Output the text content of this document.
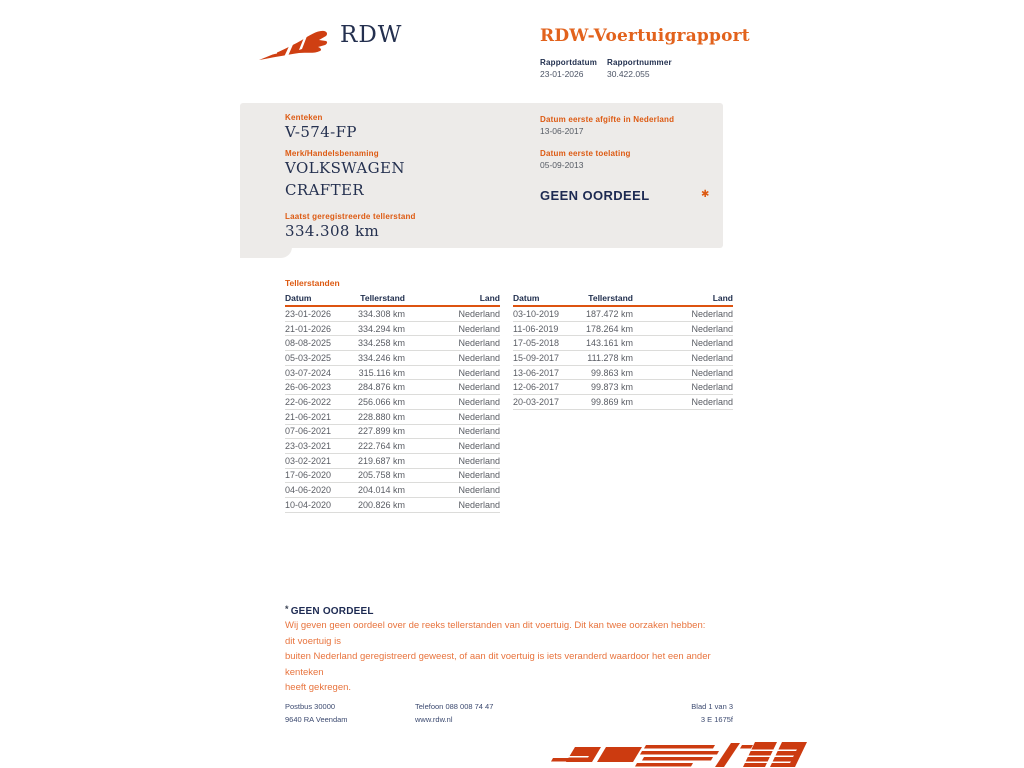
RDW	RDW-Voertuigrapport
Rapportdatum Rapportnummer
23-01-2026	30.422.055
Kenteken
V-574-FP
Merk/Handelsbenaming
VOLKSWAGEN
CRAFTER
Laatst geregistreerde tellerstand
334.308 km
Datum eerste afgifte in Nederland
13-06-2017
Datum eerste toelating
05-09-2013
GEEN OORDEEL	✱
Tellerstanden
Datum	Tellerstand	Land
23-01-2026	334.308 km	Nederland
21-01-2026	334.294 km	Nederland
08-08-2025	334.258 km	Nederland
05-03-2025	334.246 km	Nederland
03-07-2024	315.116 km	Nederland
26-06-2023	284.876 km	Nederland
22-06-2022	256.066 km	Nederland
21-06-2021	228.880 km	Nederland
07-06-2021	227.899 km	Nederland
23-03-2021	222.764 km	Nederland
03-02-2021	219.687 km	Nederland
17-06-2020	205.758 km	Nederland
04-06-2020	204.014 km	Nederland
10-04-2020	200.826 km	Nederland
Datum	Tellerstand	Land
03-10-2019	187.472 km	Nederland
11-06-2019	178.264 km	Nederland
17-05-2018	143.161 km	Nederland
15-09-2017	111.278 km	Nederland
13-06-2017	99.863 km	Nederland
12-06-2017	99.873 km	Nederland
20-03-2017	99.869 km	Nederland
* GEEN OORDEEL
Wij geven geen oordeel over de reeks tellerstanden van dit voertuig. Dit kan twee oorzaken hebben: dit voertuig is
buiten Nederland geregistreerd geweest, of aan dit voertuig is iets veranderd waardoor het een ander kenteken
heeft gekregen.
Postbus 30000
9640 RA Veendam
Telefoon 088 008 74 47
www.rdw.nl
Blad 1 van 3
3 E 1675f
